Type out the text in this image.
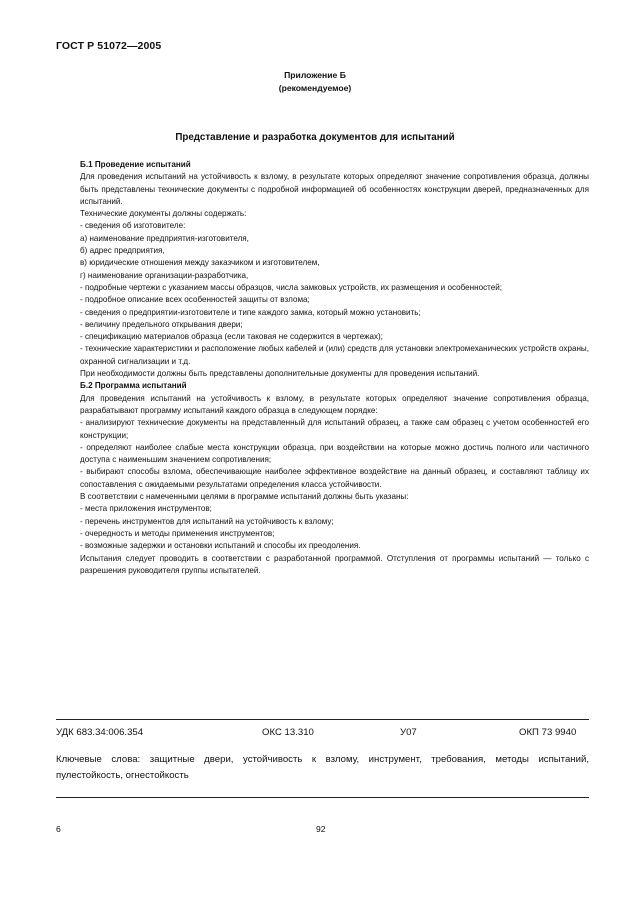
ГОСТ Р 51072—2005
Приложение Б
(рекомендуемое)
Представление и разработка документов для испытаний
Б.1 Проведение испытаний
Для проведения испытаний на устойчивость к взлому, в результате которых определяют значение сопротивления образца, должны быть представлены технические документы с подробной информацией об особенностях конструкции дверей, предназначенных для испытаний.
Технические документы должны содержать:
- сведения об изготовителе:
а) наименование предприятия-изготовителя,
б) адрес предприятия,
в) юридические отношения между заказчиком и изготовителем,
г) наименование организации-разработчика,
- подробные чертежи с указанием массы образцов, числа замковых устройств, их размещения и особенностей;
- подробное описание всех особенностей защиты от взлома;
- сведения о предприятии-изготовителе и типе каждого замка, который можно установить;
- величину предельного открывания двери;
- спецификацию материалов образца (если таковая не содержится в чертежах);
- технические характеристики и расположение любых кабелей и (или) средств для установки электромеханических устройств охраны, охранной сигнализации и т.д.
При необходимости должны быть представлены дополнительные документы для проведения испытаний.
Б.2 Программа испытаний
Для проведения испытаний на устойчивость к взлому, в результате которых определяют значение сопротивления образца, разрабатывают программу испытаний каждого образца в следующем порядке:
- анализируют технические документы на представленный для испытаний образец, а также сам образец с учетом особенностей его конструкции;
- определяют наиболее слабые места конструкции образца, при воздействии на которые можно достичь полного или частичного доступа с наименьшим значением сопротивления;
- выбирают способы взлома, обеспечивающие наиболее эффективное воздействие на данный образец, и составляют таблицу их сопоставления с ожидаемыми результатами определения класса устойчивости.
В соответствии с намеченными целями в программе испытаний должны быть указаны:
- места приложения инструментов;
- перечень инструментов для испытаний на устойчивость к взлому;
- очередность и методы применения инструментов;
- возможные задержки и остановки испытаний и способы их преодоления.
Испытания следует проводить в соответствии с разработанной программой. Отступления от программы испытаний — только с разрешения руководителя группы испытателей.
УДК 683.34:006.354	ОКС 13.310	У07	ОКП 73 9940
Ключевые слова: защитные двери, устойчивость к взлому, инструмент, требования, методы испытаний, пулестойкость, огнестойкость
6	92
